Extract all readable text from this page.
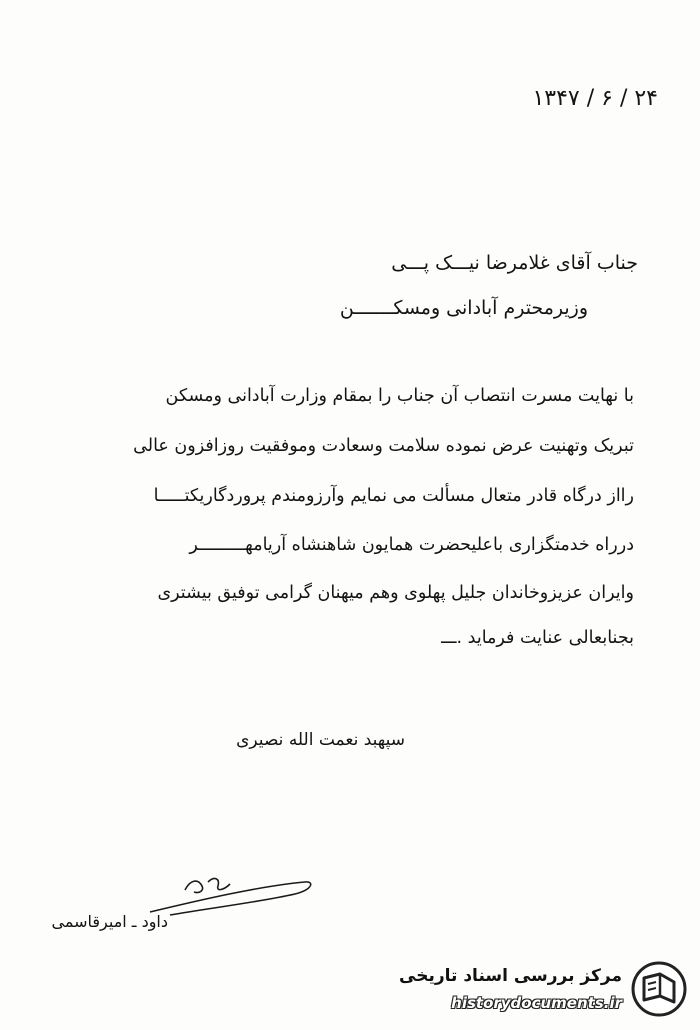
۱۳۴۷ / ۶ / ۲۴
جناب آقای غلامرضا نیـــک پـــی
وزیرمحترم آبادانی ومسکـــــــن
با نهایت مسرت انتصاب آن جناب را بمقام وزارت آبادانی ومسکن
تبریک وتهنیت عرض نموده سلامت وسعادت وموفقیت روزافزون عالی
رااز درگاه قادر متعال مسألت می نمایم وآرزومندم پروردگاریکتـــــا
درراه خدمتگزاری باعلیحضرت همایون شاهنشاه آریامهـــــــــر
وایران عزیزوخاندان جلیل پهلوی وهم میهنان گرامی توفیق بیشتری
بجنابعالی عنایت فرماید .ـــ
سپهبد نعمت الله نصیری
داود ـ امیرقاسمی
مرکز بررسی اسناد تاریخی
historydocuments.ir
